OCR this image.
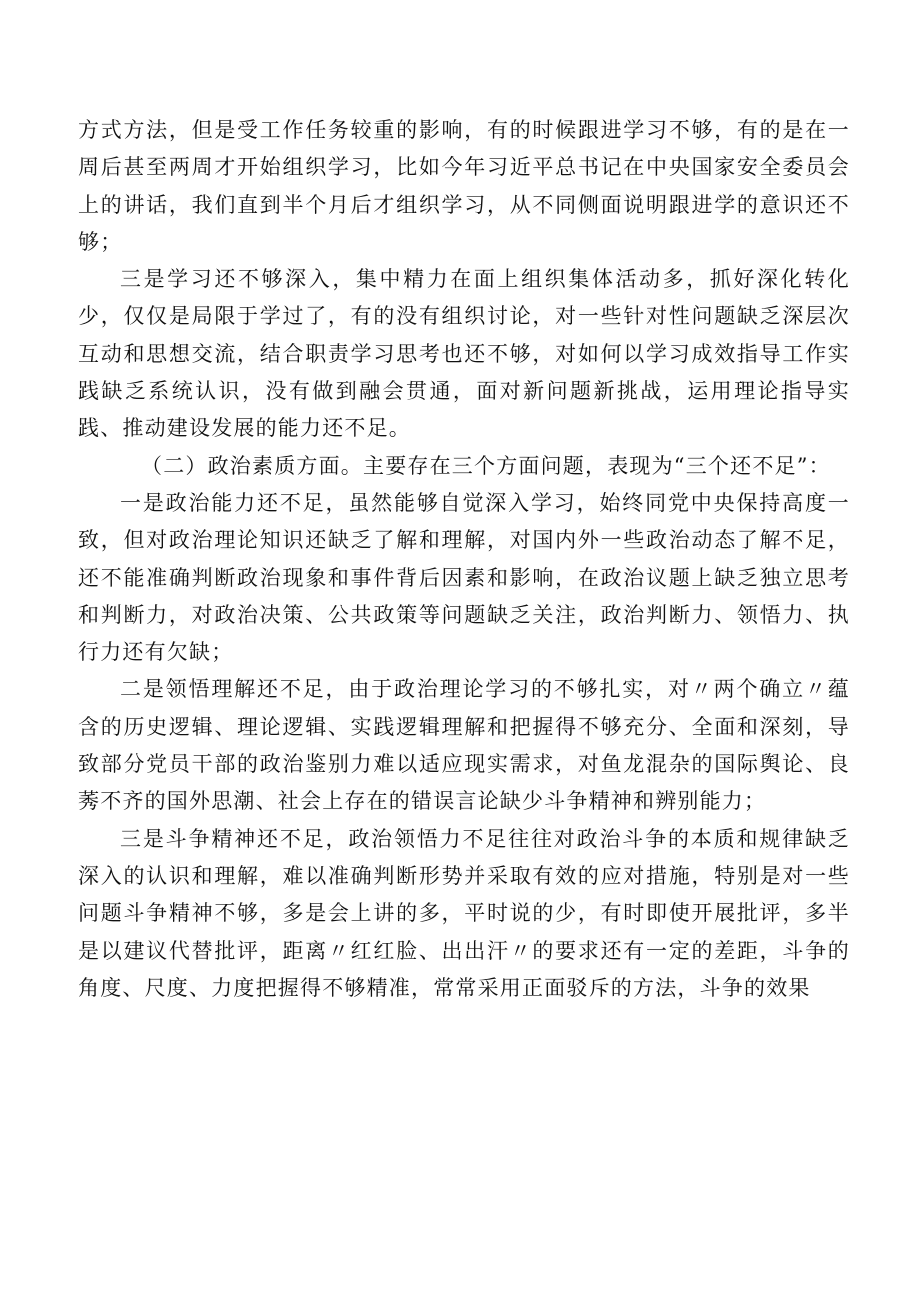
方式方法，但是受工作任务较重的影响，有的时候跟进学习不够，有的是在一周后甚至两周才开始组织学习，比如今年习近平总书记在中央国家安全委员会上的讲话，我们直到半个月后才组织学习，从不同侧面说明跟进学的意识还不够；

三是学习还不够深入，集中精力在面上组织集体活动多，抓好深化转化少，仅仅是局限于学过了，有的没有组织讨论，对一些针对性问题缺乏深层次互动和思想交流，结合职责学习思考也还不够，对如何以学习成效指导工作实践缺乏系统认识，没有做到融会贯通，面对新问题新挑战，运用理论指导实践、推动建设发展的能力还不足。

（二）政治素质方面。主要存在三个方面问题，表现为“三个还不足”：

一是政治能力还不足，虽然能够自觉深入学习，始终同党中央保持高度一致，但对政治理论知识还缺乏了解和理解，对国内外一些政治动态了解不足，还不能准确判断政治现象和事件背后因素和影响，在政治议题上缺乏独立思考和判断力，对政治决策、公共政策等问题缺乏关注，政治判断力、领悟力、执行力还有欠缺；

二是领悟理解还不足，由于政治理论学习的不够扎实，对〃两个确立〃蕴含的历史逻辑、理论逻辑、实践逻辑理解和把握得不够充分、全面和深刻，导致部分党员干部的政治鉴别力难以适应现实需求，对鱼龙混杂的国际舆论、良莠不齐的国外思潮、社会上存在的错误言论缺少斗争精神和辨别能力；

三是斗争精神还不足，政治领悟力不足往往对政治斗争的本质和规律缺乏深入的认识和理解，难以准确判断形势并采取有效的应对措施，特别是对一些问题斗争精神不够，多是会上讲的多，平时说的少，有时即使开展批评，多半是以建议代替批评，距离〃红红脸、出出汗〃的要求还有一定的差距，斗争的角度、尺度、力度把握得不够精准，常常采用正面驳斥的方法，斗争的效果
